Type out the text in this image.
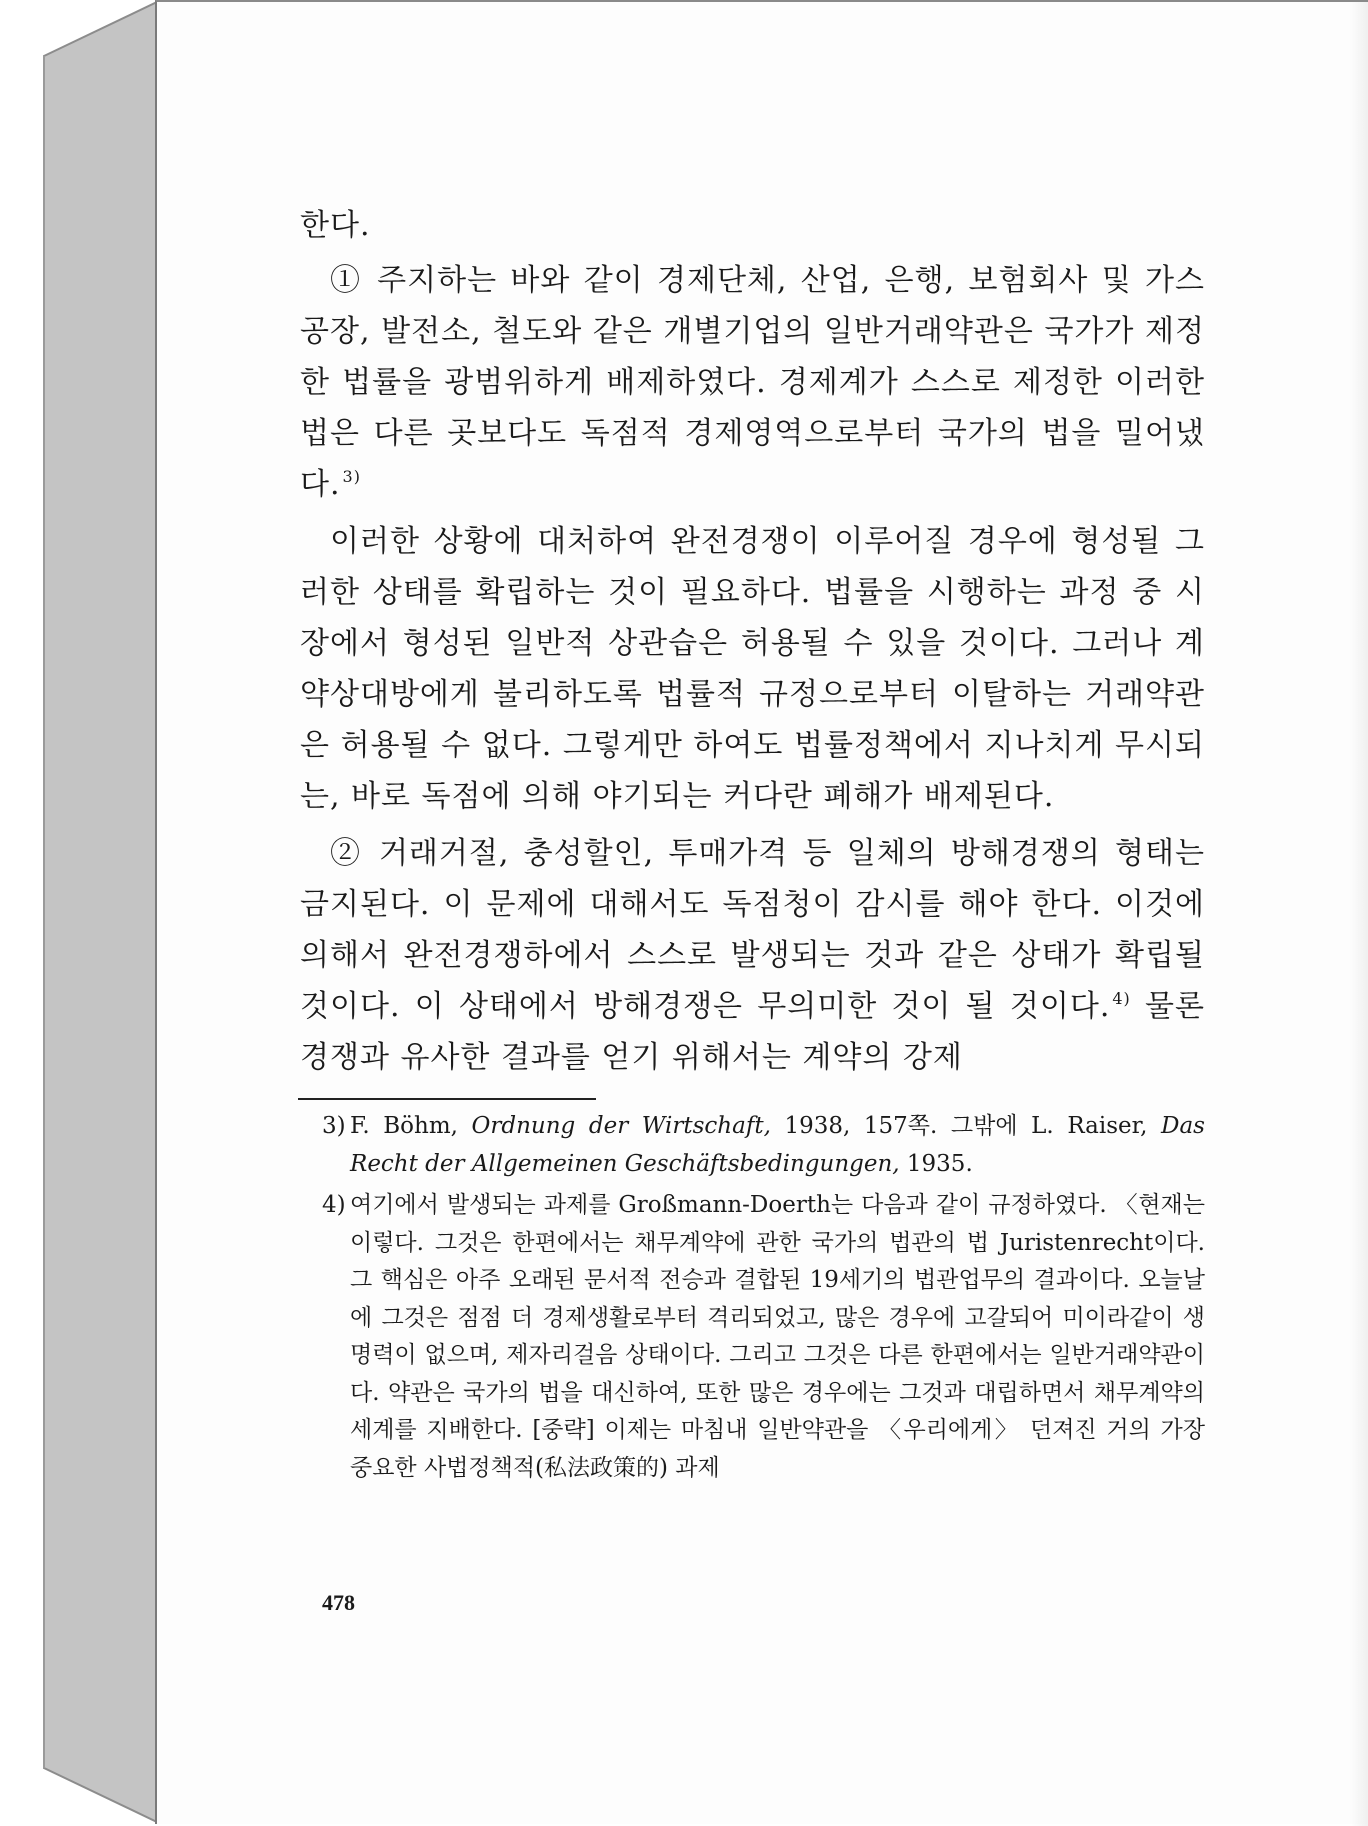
한다.

① 주지하는 바와 같이 경제단체, 산업, 은행, 보험회사 및 가스공장, 발전소, 철도와 같은 개별기업의 일반거래약관은 국가가 제정한 법률을 광범위하게 배제하였다. 경제계가 스스로 제정한 이러한 법은 다른 곳보다도 독점적 경제영역으로부터 국가의 법을 밀어냈다. $^{3)}$

이러한 상황에 대처하여 완전경쟁이 이루어질 경우에 형성될 그러한 상태를 확립하는 것이 필요하다. 법률을 시행하는 과정 중 시장에서 형성된 일반적 상관습은 허용될 수 있을 것이다. 그러나 계약상대방에게 불리하도록 법률적 규정으로부터 이탈하는 거래약관은 허용될 수 없다. 그렇게만 하여도 법률정책에서 지나치게 무시되는, 바로 독점에 의해 야기되는 커다란 폐해가 배제된다.

② 거래거절, 충성할인, 투매가격 등 일체의 방해경쟁의 형태는 금지된다. 이 문제에 대해서도 독점청이 감시를 해야 한다. 이것에 의해서 완전경쟁하에서 스스로 발생되는 것과 같은 상태가 확립될 것이다. 이 상태에서 방해경쟁은 무의미한 것이 될 것이다. $^{4)}$ 물론 경쟁과 유사한 결과를 얻기 위해서는 계약의 강제

3) F. Böhm, Ordnung der Wirtschaft, 1938, 157쪽. 그밖에 L. Raiser, Das Recht der Allgemeinen Geschäftsbedingungen, 1935.
4) 여기에서 발생되는 과제를 Großmann-Doerth는 다음과 같이 규정하였다. 〈현재는 이렇다. 그것은 한편에서는 채무계약에 관한 국가의 법관의 법 Juristenrecht이다. 그 핵심은 아주 오래된 문서적 전승과 결합된 19세기의 법관업무의 결과이다. 오늘날에 그것은 점점 더 경제생활로부터 격리되었고, 많은 경우에 고갈되어 미이라같이 생명력이 없으며, 제자리걸음 상태이다. 그리고 그것은 다른 한편에서는 일반거래약관이다. 약관은 국가의 법을 대신하여, 또한 많은 경우에는 그것과 대립하면서 채무계약의 세계를 지배한다. [중략] 이제는 마침내 일반약관을 〈우리에게〉 던져진 거의 가장 중요한 사법정책적(私法政策的) 과제
478
